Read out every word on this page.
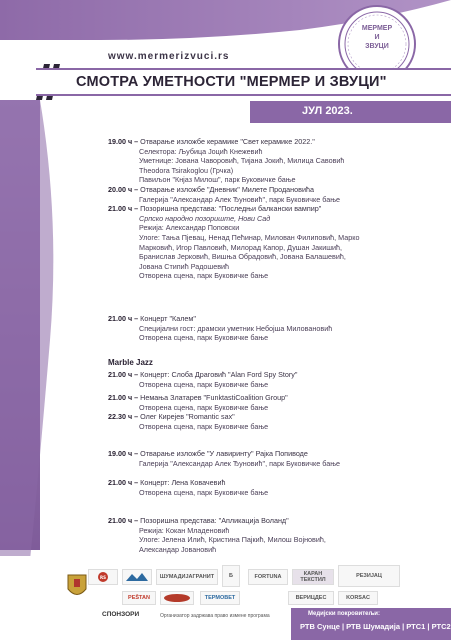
www.mermerizvuci.rs
МЕРМЕР
И
ЗВУЦИ
СМОТРА УМЕТНОСТИ "МЕРМЕР И ЗВУЦИ"
ЈУЛ 2023.
01. ЈУЛ 19.00 ч – Отварање изложбе керамике "Свет керамике 2022."
Селектора: Љубица Јоцић Кнежевић
Уметнице: Јована Чаворовић, Тијана Јокић, Милица Савовић
Theodora Tsirakoglou (Грчка)
Павиљон "Кнјаз Милош", парк Буковичке бање
20.00 ч – Отварање изложбе "Дневник" Милете Продановића
Галерија "Александар Алек Ђуновић", парк Буковичке бање
21.00 ч – Позоришна представа: "Последњи балкански вампир"
Српско народно позориште, Нови Сад
Режија: Александар Поповски
Улоге: Тања Пјевац, Ненад Пећинар, Милован Филиповић, Марко
Марковић, Игор Павловић, Милорад Капор, Душан Јакишић,
Бранислав Јерковић, Вишња Обрадовић, Јована Балашевић,
Јована Стипић Радошевић
Отворена сцена, парк Буковичке бање
07. ЈУЛ 21.00 ч – Концерт "Калем"
Специјални гост: драмски уметник Небојша Миловановић
Отворена сцена, парк Буковичке бање
14. ЈУЛ 21.00 ч – Концерт: Слоба Драговић "Alan Ford Spy Story"
Отворена сцена, парк Буковичке бање
15. ЈУЛ 21.00 ч – Немања Златарев "FunktastiCoalition Group"
Отворена сцена, парк Буковичке бање
22.30 ч – Олег Кирејев "Romantic sax"
Отворена сцена, парк Буковичке бање
22. ЈУЛ 19.00 ч – Отварање изложбе "У лавиринту" Рајка Попиводе
Галерија "Александар Алек Ђуновић", парк Буковичке бање
21.00 ч – Концерт: Лена Ковачевић
Отворена сцена, парк Буковичке бање
29. ЈУЛ 21.00 ч – Позоришна представа: "Апликација Воланд"
Режија: Кокан Младеновић
Улоге: Јелена Илић, Кристина Пајкић, Милош Војновић,
Александар Јовановић
Marble Jazz
RS	ШУМАДИЈАГРАНИТ	Б	FORTUNA	КАРАН ТЕКСТИЛ
РЕЗИЈАЦ
PEŠTAN	ТЕРМОВЕТ	ВЕРИЦДЕС	KORSAC
СПОНЗОРИ	Организатор задржава право измене програма	Медијски покровитељи:
РТВ Сунце | РТВ Шумадија | РТС1 | РТС2
